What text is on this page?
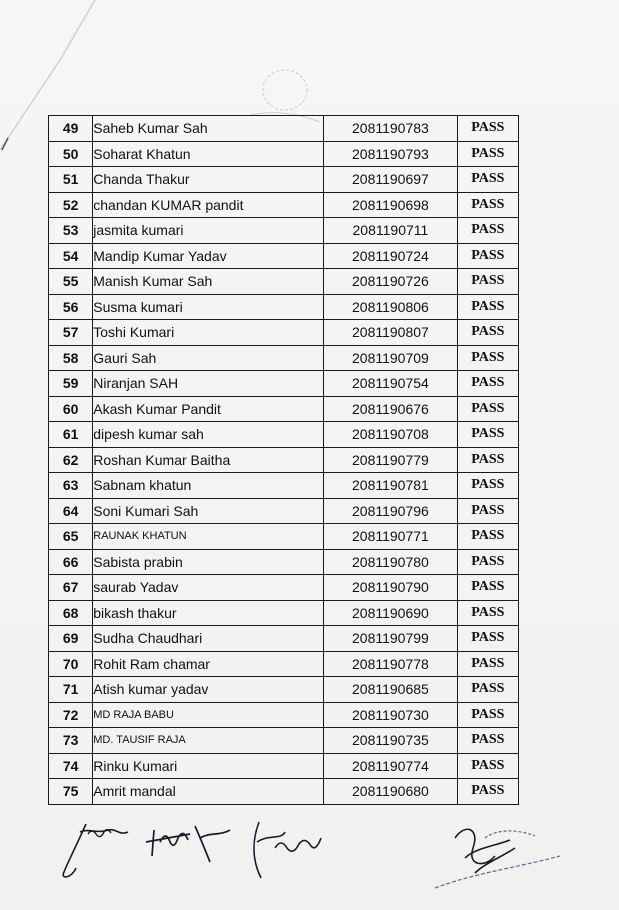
49	Saheb Kumar Sah	2081190783	PASS
50	Soharat Khatun	2081190793	PASS
51	Chanda Thakur	2081190697	PASS
52	chandan KUMAR pandit	2081190698	PASS
53	jasmita kumari	2081190711	PASS
54	Mandip Kumar Yadav	2081190724	PASS
55	Manish Kumar Sah	2081190726	PASS
56	Susma kumari	2081190806	PASS
57	Toshi Kumari	2081190807	PASS
58	Gauri Sah	2081190709	PASS
59	Niranjan SAH	2081190754	PASS
60	Akash Kumar Pandit	2081190676	PASS
61	dipesh kumar sah	2081190708	PASS
62	Roshan Kumar Baitha	2081190779	PASS
63	Sabnam khatun	2081190781	PASS
64	Soni Kumari Sah	2081190796	PASS
65	RAUNAK KHATUN	2081190771	PASS
66	Sabista prabin	2081190780	PASS
67	saurab Yadav	2081190790	PASS
68	bikash thakur	2081190690	PASS
69	Sudha Chaudhari	2081190799	PASS
70	Rohit Ram chamar	2081190778	PASS
71	Atish kumar yadav	2081190685	PASS
72	MD RAJA BABU	2081190730	PASS
73	MD. TAUSIF RAJA	2081190735	PASS
74	Rinku Kumari	2081190774	PASS
75	Amrit mandal	2081190680	PASS
